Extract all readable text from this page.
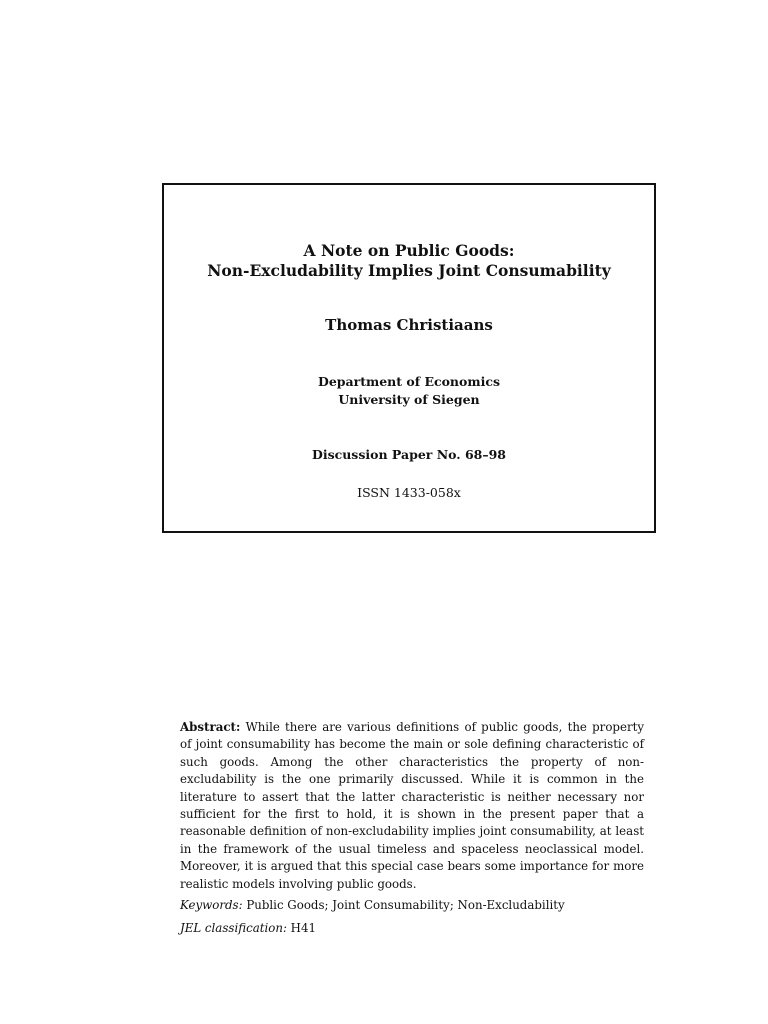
A Note on Public Goods:
Non-Excludability Implies Joint Consumability
Thomas Christiaans
Department of Economics
University of Siegen
Discussion Paper No. 68–98
ISSN 1433-058x

Abstract: While there are various definitions of public goods, the property of joint consumability has become the main or sole defining characteristic of such goods. Among the other characteristics the property of non-excludability is the one primarily discussed. While it is common in the literature to assert that the latter characteristic is neither necessary nor sufficient for the first to hold, it is shown in the present paper that a reasonable definition of non-excludability implies joint consumability, at least in the framework of the usual timeless and spaceless neoclassical model. Moreover, it is argued that this special case bears some importance for more realistic models involving public goods.

Keywords: Public Goods; Joint Consumability; Non-Excludability

JEL classification: H41
